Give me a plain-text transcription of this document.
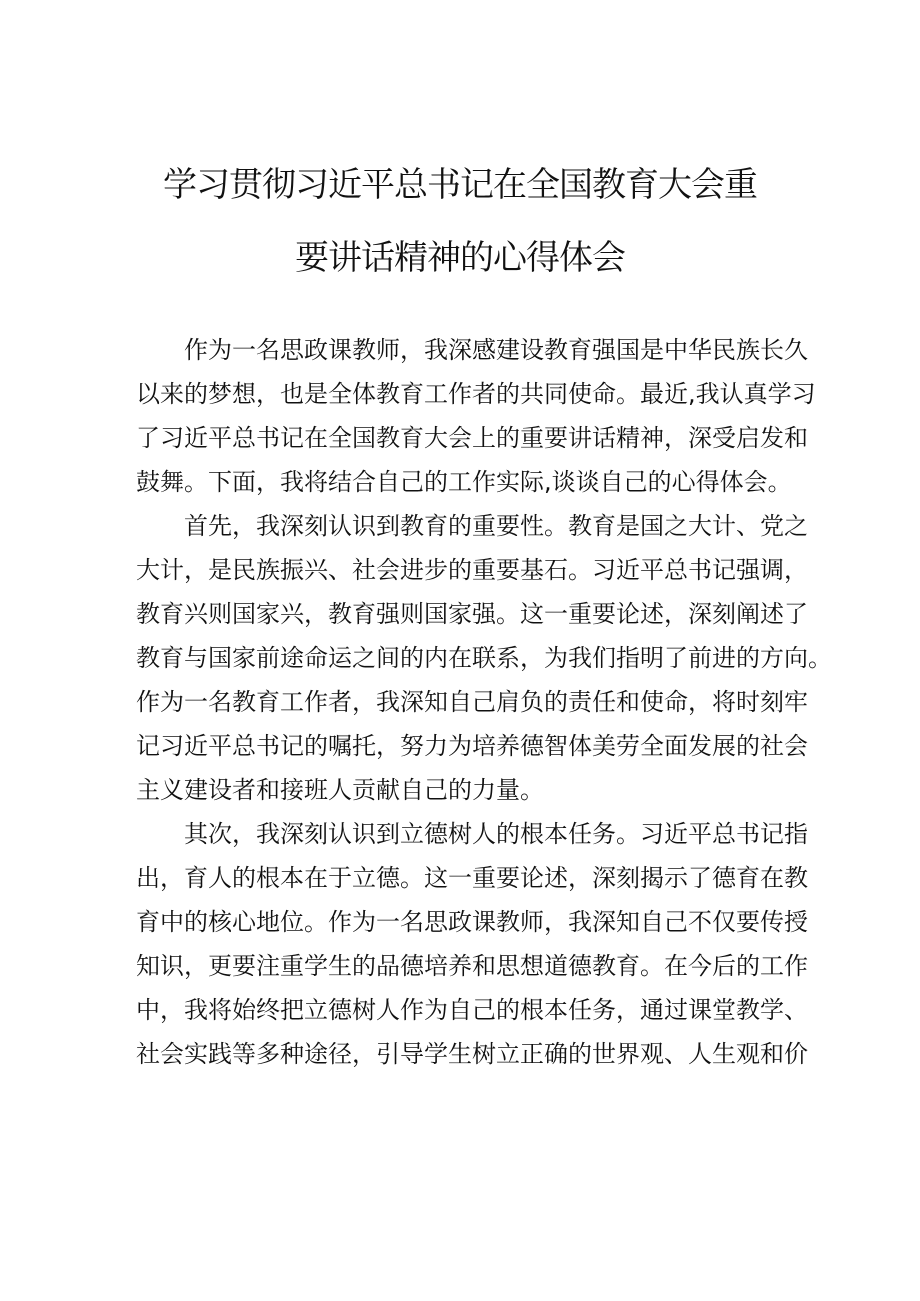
学习贯彻习近平总书记在全国教育大会重
要讲话精神的心得体会
作为一名思政课教师，我深感建设教育强国是中华民族长久
以来的梦想，也是全体教育工作者的共同使命。最近,我认真学习
了习近平总书记在全国教育大会上的重要讲话精神，深受启发和
鼓舞。下面，我将结合自己的工作实际,谈谈自己的心得体会。
首先，我深刻认识到教育的重要性。教育是国之大计、党之
大计，是民族振兴、社会进步的重要基石。习近平总书记强调，
教育兴则国家兴，教育强则国家强。这一重要论述，深刻阐述了
教育与国家前途命运之间的内在联系，为我们指明了前进的方向。
作为一名教育工作者，我深知自己肩负的责任和使命，将时刻牢
记习近平总书记的嘱托，努力为培养德智体美劳全面发展的社会
主义建设者和接班人贡献自己的力量。
其次，我深刻认识到立德树人的根本任务。习近平总书记指
出，育人的根本在于立德。这一重要论述，深刻揭示了德育在教
育中的核心地位。作为一名思政课教师，我深知自己不仅要传授
知识，更要注重学生的品德培养和思想道德教育。在今后的工作
中，我将始终把立德树人作为自己的根本任务，通过课堂教学、
社会实践等多种途径，引导学生树立正确的世界观、人生观和价
